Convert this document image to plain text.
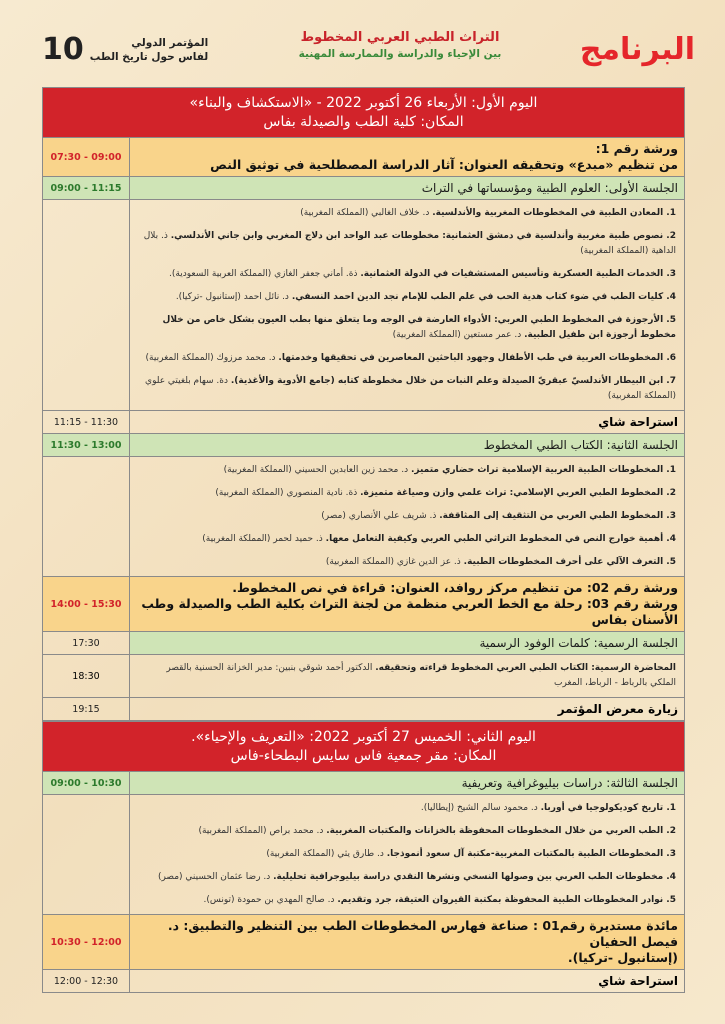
10	المؤتمر الدولي
لفاس حول تاريخ الطب
التراث الطبي العربي المخطوط
بين الإحياء والدراسة والممارسة المهنية	البرنامج
اليوم الأول: الأربعاء 26 أكتوبر 2022 - «الاستكشاف والبناء»
المكان: كلية الطب والصيدلة بفاس
ورشة رقم 1:
من تنظيم «مبدع» وتحقيقه العنوان: آثار الدراسة المصطلحية في توثيق النص
07:30 - 09:00
الجلسة الأولى: العلوم الطبية ومؤسساتها في التراث
09:00 - 11:15
1. المعادن الطبية في المخطوطات المغربية والأندلسية. د. خلاف الغالبي (المملكة المغربية)
2. نصوص طبية مغربية وأندلسية في دمشق العثمانية: مخطوطات عبد الواحد ابن دلاج المغربي وابن جاني الأندلسي. ذ. بلال الداهية (المملكة المغربية)
3. الخدمات الطبية العسكرية وتأسيس المستشفيات في الدولة العثمانية. ذة. أماني جعفر الغازي (المملكة العربية السعودية).
4. كليات الطب في ضوء كتاب هدية الحب في علم الطب للإمام نجد الدين احمد النسفي. د. نائل احمد (إستانبول -تركيا).
5. الأرجوزة في المخطوط الطبي العربي: الأدواء العارضة في الوجه وما يتعلق منها بطب العيون بشكل خاص من خلال مخطوط أرجوزة ابن طفيل الطبية. د. عمر مستعين (المملكة المغربية)
6. المخطوطات العربية في طب الأطفال وجهود الباحثين المعاصرين في تحقيقها وخدمتها. د. محمد مرزوك (المملكة المغربية)
7. ابن البيطار الأندلسيّ عبقريّ الصيدلة وعلم النبات من خلال مخطوطة كتابه (جامع الأدوية والأغذية). دة. سهام بلغيتي علوي (المملكة المغربية)
استراحة شاي
11:15 - 11:30
الجلسة الثانية: الكتاب الطبي المخطوط
11:30 - 13:00
1. المخطوطات الطبية العربية الإسلامية تراث حضاري متميز. د. محمد زين العابدين الحسيني (المملكة المغربية)
2. المخطوط الطبي العربي الإسلامي: تراث علمي وازن وصياغة متميزة. ذة. نادية المنصوري (المملكة المغربية)
3. المخطوط الطبي العربي من التثقيف إلى المثاقفة. ذ. شريف علي الأنصاري (مصر)
4. أهمية خوارج النص في المخطوط التراثي الطبي العربي وكيفية التعامل معها. ذ. حميد لحمر (المملكة المغربية)
5. التعرف الآلي على أحرف المخطوطات الطبية. ذ. عز الدين غازي (المملكة المغربية)
ورشة رقم 02: من تنظيم مركز روافد، العنوان: قراءة في نص المخطوط.
ورشة رقم 03: رحلة مع الخط العربي منظمة من لجنة التراث بكلية الطب والصيدلة وطب الأسنان بفاس
14:00 - 15:30
الجلسة الرسمية: كلمات الوفود الرسمية
17:30
المحاضرة الرسمية: الكتاب الطبي العربي المخطوط قراءته وتحقيقه. الدكتور أحمد شوقي بنبين: مدير الخزانة الحسنية بالقصر الملكي بالرباط - الرباط، المغرب
18:30
زيارة معرض المؤتمر
19:15
اليوم الثاني: الخميس 27 أكتوبر 2022: «التعريف والإحياء».
المكان: مقر جمعية فاس سايس البطحاء-فاس
الجلسة الثالثة: دراسات بيليوغرافية وتعريفية
09:00 - 10:30
1. تاريخ كوديكولوجيا في أوربا. د. محمود سالم الشيخ (إيطاليا).
2. الطب العربي من خلال المخطوطات المحفوظة بالخزانات والمكتبات المغربية. د. محمد براص (المملكة المغربية)
3. المخطوطات الطبية بالمكتبات المغربية-مكتبة آل سعود أنموذجا. د. طارق يثي (المملكة المغربية)
4. مخطوطات الطب العربي بين وصولها النسخي ونشرها النقدي دراسة بيليوجرافية تحليلية. د. رضا عثمان الحسيني (مصر)
5. نوادر المخطوطات الطبية المحفوظة بمكتبة القيروان العتيقة، جرد وتقديم. د. صالح المهدي بن حمودة (تونس).
مائدة مستديرة رقم01 : صناعة فهارس المخطوطات الطب بين التنظير والتطبيق: د. فيصل الحفيان
(إستانبول -تركيا).
10:30 - 12:00
استراحة شاي
12:00 - 12:30
